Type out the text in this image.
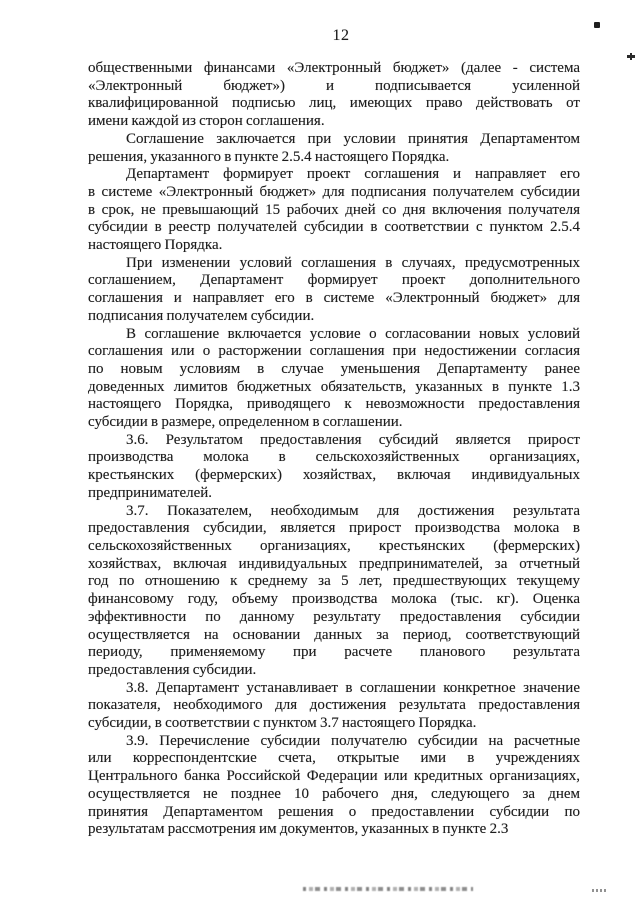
12

общественными финансами «Электронный бюджет» (далее - система
«Электронный бюджет») и подписывается усиленной
квалифицированной подписью лиц, имеющих право действовать от
имени каждой из сторон соглашения.

Соглашение заключается при условии принятия Департаментом
решения, указанного в пункте 2.5.4 настоящего Порядка.

Департамент формирует проект соглашения и направляет его
в системе «Электронный бюджет» для подписания получателем субсидии
в срок, не превышающий 15 рабочих дней со дня включения получателя
субсидии в реестр получателей субсидии в соответствии с пунктом 2.5.4
настоящего Порядка.

При изменении условий соглашения в случаях, предусмотренных
соглашением, Департамент формирует проект дополнительного
соглашения и направляет его в системе «Электронный бюджет» для
подписания получателем субсидии.

В соглашение включается условие о согласовании новых условий
соглашения или о расторжении соглашения при недостижении согласия
по новым условиям в случае уменьшения Департаменту ранее
доведенных лимитов бюджетных обязательств, указанных в пункте 1.3
настоящего Порядка, приводящего к невозможности предоставления
субсидии в размере, определенном в соглашении.

3.6. Результатом предоставления субсидий является прирост
производства молока в сельскохозяйственных организациях,
крестьянских (фермерских) хозяйствах, включая индивидуальных
предпринимателей.

3.7. Показателем, необходимым для достижения результата
предоставления субсидии, является прирост производства молока в
сельскохозяйственных организациях, крестьянских (фермерских)
хозяйствах, включая индивидуальных предпринимателей, за отчетный
год по отношению к среднему за 5 лет, предшествующих текущему
финансовому году, объему производства молока (тыс. кг). Оценка
эффективности по данному результату предоставления субсидии
осуществляется на основании данных за период, соответствующий
периоду, применяемому при расчете планового результата
предоставления субсидии.

3.8. Департамент устанавливает в соглашении конкретное значение
показателя, необходимого для достижения результата предоставления
субсидии, в соответствии с пунктом 3.7 настоящего Порядка.

3.9. Перечисление субсидии получателю субсидии на расчетные
или корреспондентские счета, открытые ими в учреждениях
Центрального банка Российской Федерации или кредитных организациях,
осуществляется не позднее 10 рабочего дня, следующего за днем
принятия Департаментом решения о предоставлении субсидии по
результатам рассмотрения им документов, указанных в пункте 2.3
